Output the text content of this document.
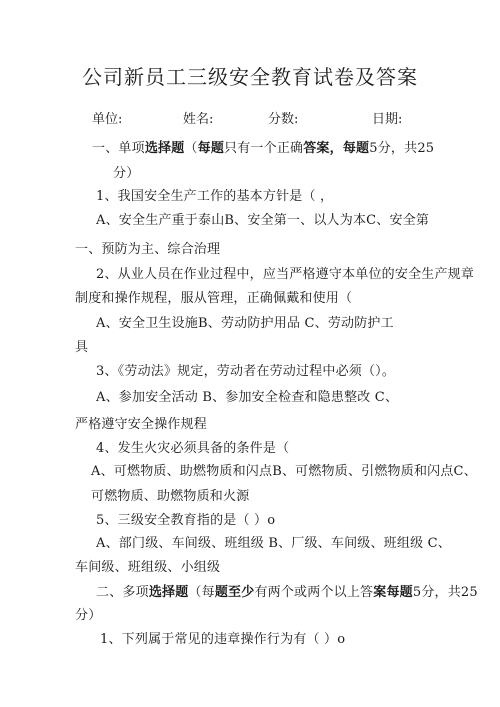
公司新员工三级安全教育试卷及答案
单位:	姓名:	分数:	日期:
一、单项选择题（每题只有一个正确答案，每题5分，共25
分）
1、我国安全生产工作的基本方针是（ ，
A、安全生产重于泰山B、安全第一、以人为本C、安全第
一、预防为主、综合治理
2、从业人员在作业过程中，应当严格遵守本单位的安全生产规章
制度和操作规程，服从管理，正确佩戴和使用（
A、安全卫生设施B、劳动防护用品 C、劳动防护工
具
3、《劳动法》规定，劳动者在劳动过程中必须（）。
A、参加安全活动 B、参加安全检查和隐患整改 C、
严格遵守安全操作规程
4、发生火灾必须具备的条件是（
A、可燃物质、助燃物质和闪点B、可燃物质、引燃物质和闪点C、
可燃物质、助燃物质和火源
5、三级安全教育指的是（ ）o
A、部门级、车间级、班组级 B、厂级、车间级、班组级 C、
车间级、班组级、小组级
二、多项选择题（每题至少有两个或两个以上答案每题5分，共25
分）
1、下列属于常见的违章操作行为有（ ）o
